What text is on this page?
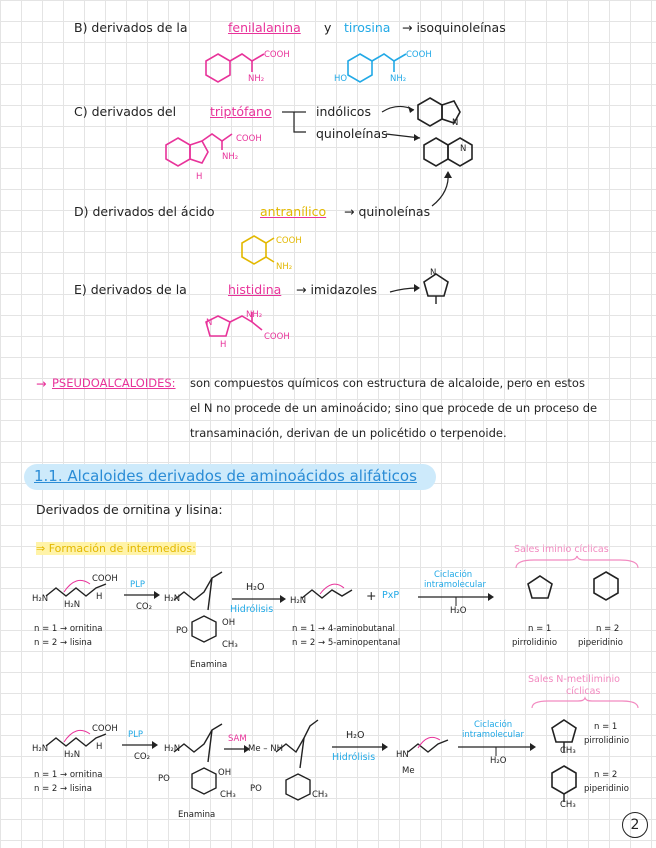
B) derivados de la	fenilalanina y tirosina → isoquinoleínas
COOH
NH₂	HO
COOH
NH₂
C) derivados del	triptófano	indólicos
quinoleínas
N
N
COOH
NH₂
H
D) derivados del ácido	antranílico → quinoleínas
COOH
NH₂
E) derivados de la	histidina → imidazoles
N
NH₂
COOH
N
H
→ PSEUDOALCALOIDES: son compuestos químicos con estructura de alcaloide, pero en estos
el N no procede de un aminoácido; sino que procede de un proceso de
transaminación, derivan de un policétido o terpenoide.
1.1. Alcaloides derivados de aminoácidos alifáticos
Derivados de ornitina y lisina:
⇒ Formación de intermedios:	Sales iminio cíclicas
H₂N
H₂N
COOH
H
PLP
CO₂
H₂N
PO
OH
CH₃
Enamina
H₂O
Hidrólisis
H₂N	+ PxP
Ciclación
intramolecular
H₂O
n = 1 → ornitina
n = 2 → lisina
n = 1 → 4-aminobutanal
n = 2 → 5-aminopentanal
n = 1
pirrolidinio
n = 2
piperidinio
Sales N-metiliminio
cíclicas
H₂N
H₂N
COOH
H
PLP
CO₂
H₂N
PO
OH
CH₃
Enamina
SAM
Me – NH
PO
CH₃
H₂O
Hidrólisis HN
Me
Ciclación
intramolecular
H₂O
CH₃
n = 1
pirrolidinio
CH₃
n = 2
piperidinio
n = 1 → ornitina
n = 2 → lisina
2
